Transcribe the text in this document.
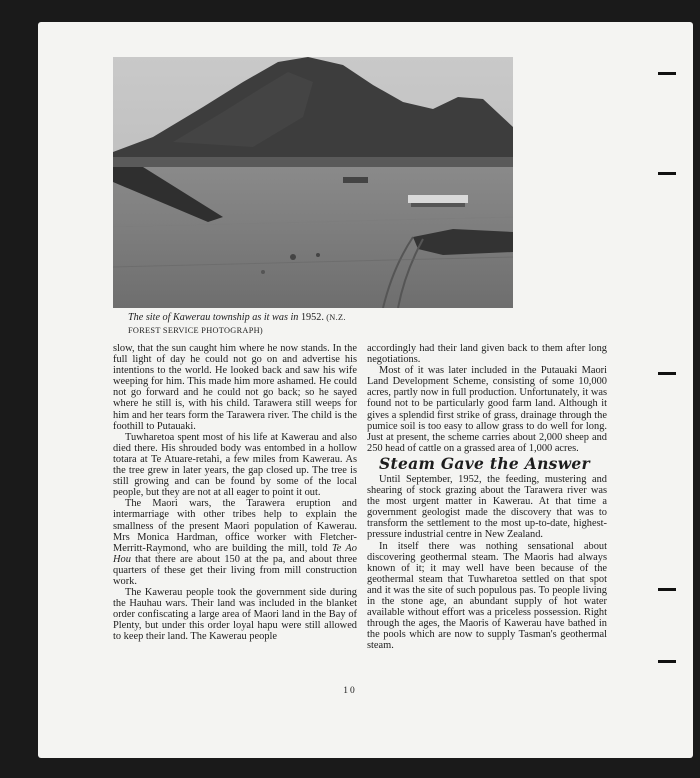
The site of Kawerau township as it was in 1952. (N.Z.
FOREST SERVICE PHOTOGRAPH)

slow, that the sun caught him where he now stands. In the full light of day he could not go on and advertise his intentions to the world. He looked back and saw his wife weeping for him. This made him more ashamed. He could not go forward and he could not go back; so he sayed where he still is, with his child. Tarawera still weeps for him and her tears form the Tarawera river. The child is the foothill to Putauaki.

Tuwharetoa spent most of his life at Kawerau and also died there. His shrouded body was entombed in a hollow totara at Te Atuare-retahi, a few miles from Kawerau. As the tree grew in later years, the gap closed up. The tree is still growing and can be found by some of the local people, but they are not at all eager to point it out.

The Maori wars, the Tarawera eruption and intermarriage with other tribes help to explain the smallness of the present Maori population of Kawerau. Mrs Monica Hardman, office worker with Fletcher-Merritt-Raymond, who are building the mill, told Te Ao Hou that there are about 150 at the pa, and about three quarters of these get their living from mill construction work.

The Kawerau people took the government side during the Hauhau wars. Their land was included in the blanket order confiscating a large area of Maori land in the Bay of Plenty, but under this order loyal hapu were still allowed to keep their land. The Kawerau people

accordingly had their land given back to them after long negotiations.

Most of it was later included in the Putauaki Maori Land Development Scheme, consisting of some 10,000 acres, partly now in full production. Unfortunately, it was found not to be particularly good farm land. Although it gives a splendid first strike of grass, drainage through the pumice soil is too easy to allow grass to do well for long. Just at present, the scheme carries about 2,000 sheep and 250 head of cattle on a grassed area of 1,000 acres.

Steam Gave the Answer

Until September, 1952, the feeding, mustering and shearing of stock grazing about the Tarawera river was the most urgent matter in Kawerau. At that time a government geologist made the discovery that was to transform the settlement to the most up-to-date, highest-pressure industrial centre in New Zealand.

In itself there was nothing sensational about discovering geothermal steam. The Maoris had always known of it; it may well have been because of the geothermal steam that Tuwharetoa settled on that spot and it was the site of such populous pas. To people living in the stone age, an abundant supply of hot water available without effort was a priceless possession. Right through the ages, the Maoris of Kawerau have bathed in the pools which are now to supply Tasman's geothermal steam.

10
